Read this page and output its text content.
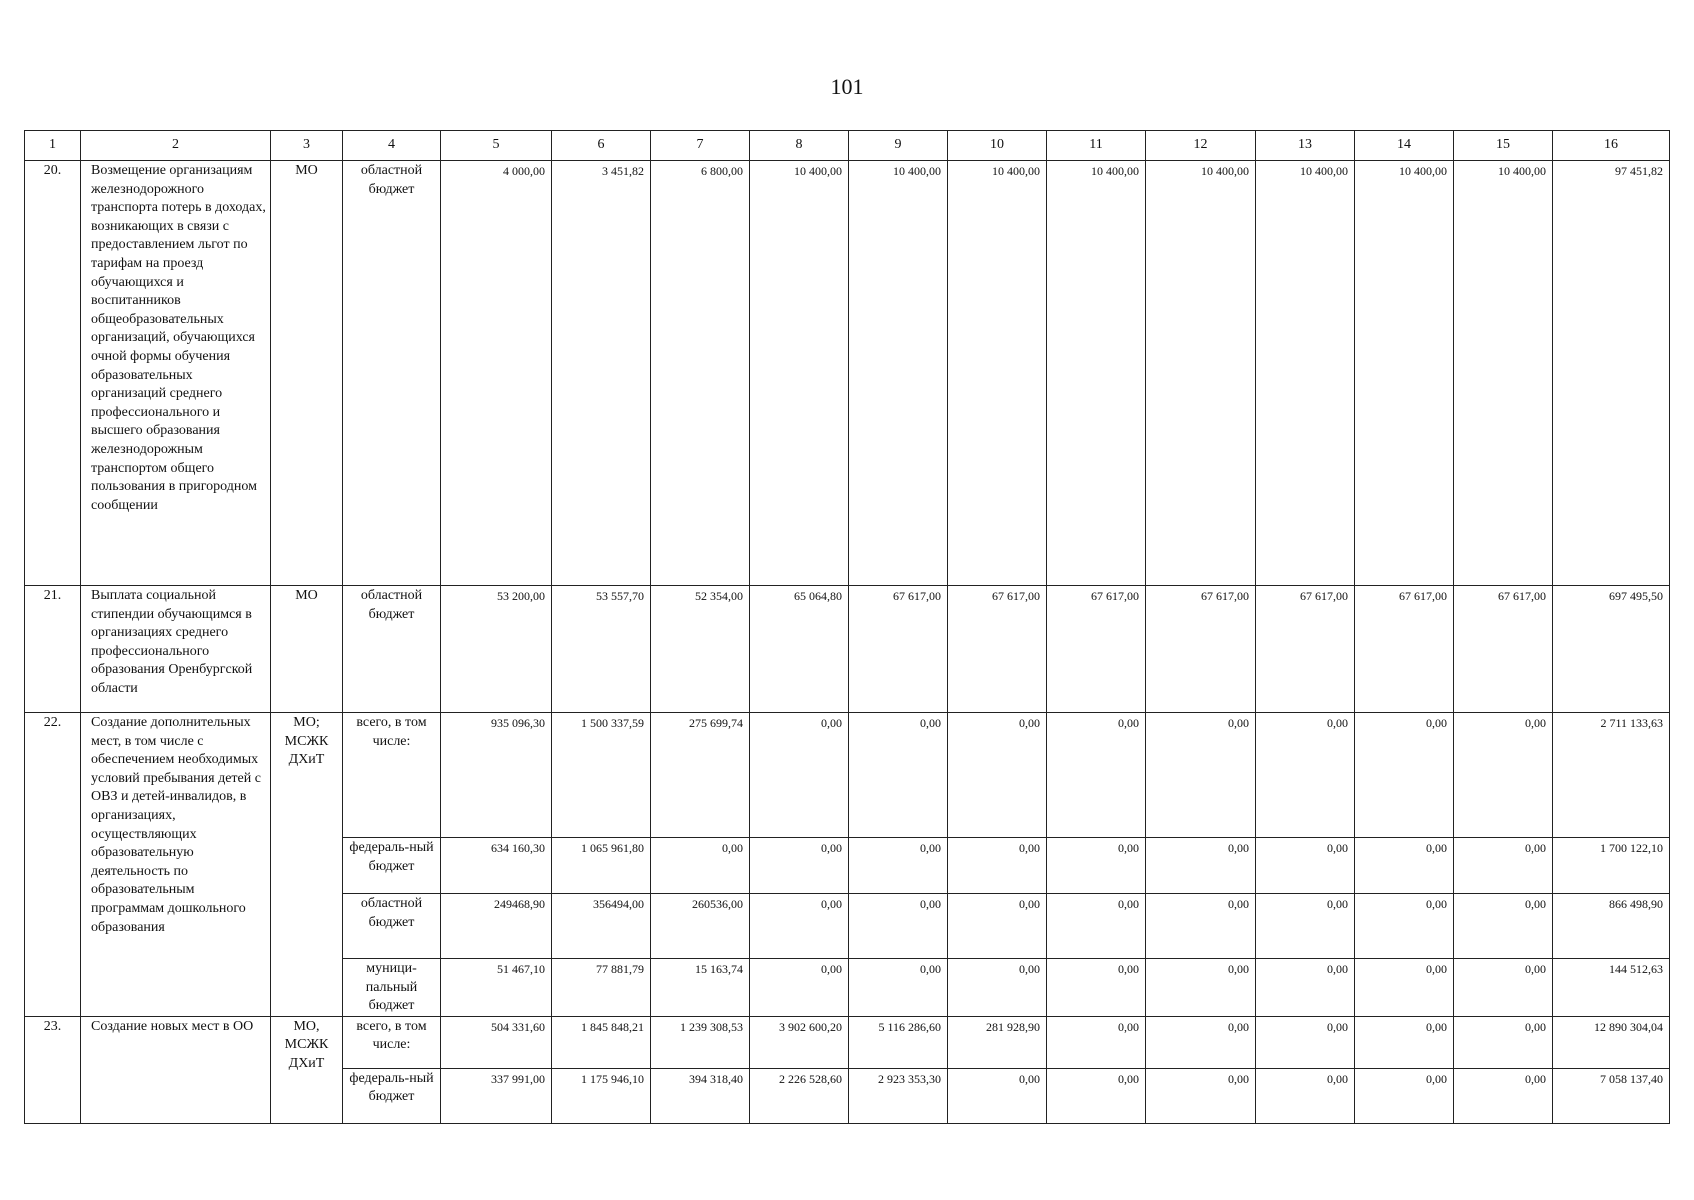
101
1	2	3	4	5	6	7	8	9	10	11	12	13	14	15	16
20.	Возмещение организациям железнодорожного транспорта потерь в доходах, возникающих в связи с предоставлением льгот по тарифам на проезд обучающихся и воспитанников общеобразовательных организаций, обучающихся очной формы обучения образовательных организаций среднего профессионального и высшего образования железнодорожным транспортом общего пользования в пригородном сообщении	МО	областной бюджет	4 000,00	3 451,82	6 800,00	10 400,00	10 400,00	10 400,00	10 400,00	10 400,00	10 400,00	10 400,00	10 400,00	97 451,82
21.	Выплата социальной стипендии обучающимся в организациях среднего профессионального образования Оренбургской области	МО	областной бюджет	53 200,00	53 557,70	52 354,00	65 064,80	67 617,00	67 617,00	67 617,00	67 617,00	67 617,00	67 617,00	67 617,00	697 495,50
22.	Создание дополнительных мест, в том числе с обеспечением необходимых условий пребывания детей с ОВЗ и детей-инвалидов, в организациях, осуществляющих образовательную деятельность по образовательным программам дошкольного образования	МО; МСЖК ДХиТ	всего, в том числе:	935 096,30	1 500 337,59	275 699,74	0,00	0,00	0,00	0,00	0,00	0,00	0,00	0,00	2 711 133,63
			федераль-ный бюджет	634 160,30	1 065 961,80	0,00	0,00	0,00	0,00	0,00	0,00	0,00	0,00	0,00	1 700 122,10
			областной бюджет	249468,90	356494,00	260536,00	0,00	0,00	0,00	0,00	0,00	0,00	0,00	0,00	866 498,90
			муници-пальный бюджет	51 467,10	77 881,79	15 163,74	0,00	0,00	0,00	0,00	0,00	0,00	0,00	0,00	144 512,63
23.	Создание новых мест в ОО	МО, МСЖК ДХиТ	всего, в том числе:	504 331,60	1 845 848,21	1 239 308,53	3 902 600,20	5 116 286,60	281 928,90	0,00	0,00	0,00	0,00	0,00	12 890 304,04
			федераль-ный бюджет	337 991,00	1 175 946,10	394 318,40	2 226 528,60	2 923 353,30	0,00	0,00	0,00	0,00	0,00	0,00	7 058 137,40
